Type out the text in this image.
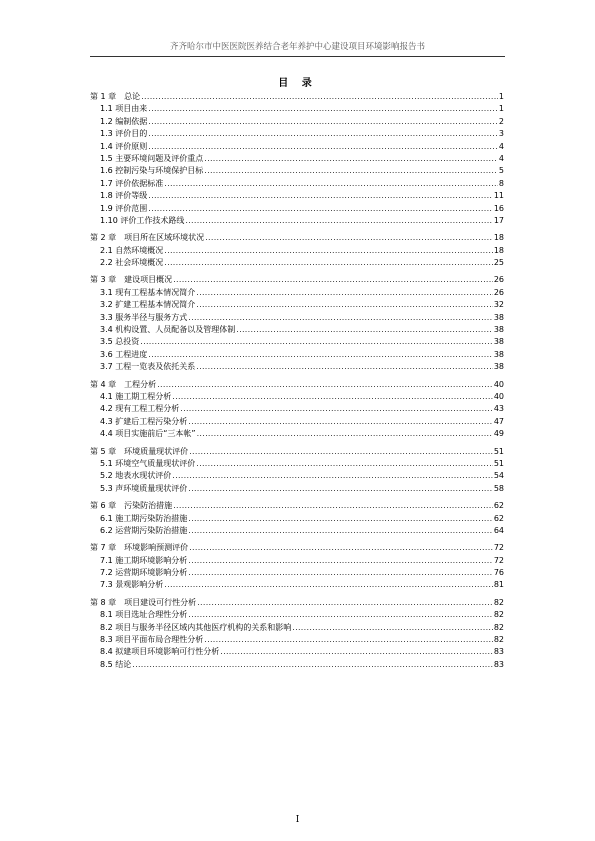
齐齐哈尔市中医医院医养结合老年养护中心建设项目环境影响报告书
目 录
第 1 章　总论 .....	1
1.1 项目由来 .....	1
1.2 编制依据 .....	2
1.3 评价目的 .....	3
1.4 评价原则 .....	4
1.5 主要环境问题及评价重点 .....	4
1.6 控制污染与环境保护目标 .....	5
1.7 评价依据标准 .....	8
1.8 评价等级 .....	11
1.9 评价范围 .....	16
1.10 评价工作技术路线 .....	17
第 2 章　项目所在区域环境状况 .....	18
2.1 自然环境概况 .....	18
2.2 社会环境概况 .....	25
第 3 章　建设项目概况 .....	26
3.1 现有工程基本情况简介 .....	26
3.2 扩建工程基本情况简介 .....	32
3.3 服务半径与服务方式 .....	38
3.4 机构设置、人员配备以及管理体制 .....	38
3.5 总投资 .....	38
3.6 工程进度 .....	38
3.7 工程一览表及依托关系 .....	38
第 4 章　工程分析 .....	40
4.1 施工期工程分析 .....	40
4.2 现有工程工程分析 .....	43
4.3 扩建后工程污染分析 .....	47
4.4 项目实施前后“三本帐” .....	49
第 5 章　环境质量现状评价 .....	51
5.1 环境空气质量现状评价 .....	51
5.2 地表水现状评价 .....	54
5.3 声环境质量现状评价 .....	58
第 6 章　污染防治措施 .....	62
6.1 施工期污染防治措施 .....	62
6.2 运营期污染防治措施 .....	64
第 7 章　环境影响预测评价 .....	72
7.1 施工期环境影响分析 .....	72
7.2 运营期环境影响分析 .....	76
7.3 景观影响分析 .....	81
第 8 章　项目建设可行性分析 .....	82
8.1 项目选址合理性分析 .....	82
8.2 项目与服务半径区域内其他医疗机构的关系和影响 .....	82
8.3 项目平面布局合理性分析 .....	82
8.4 拟建项目环境影响可行性分析 .....	83
8.5 结论 .....	83
I
